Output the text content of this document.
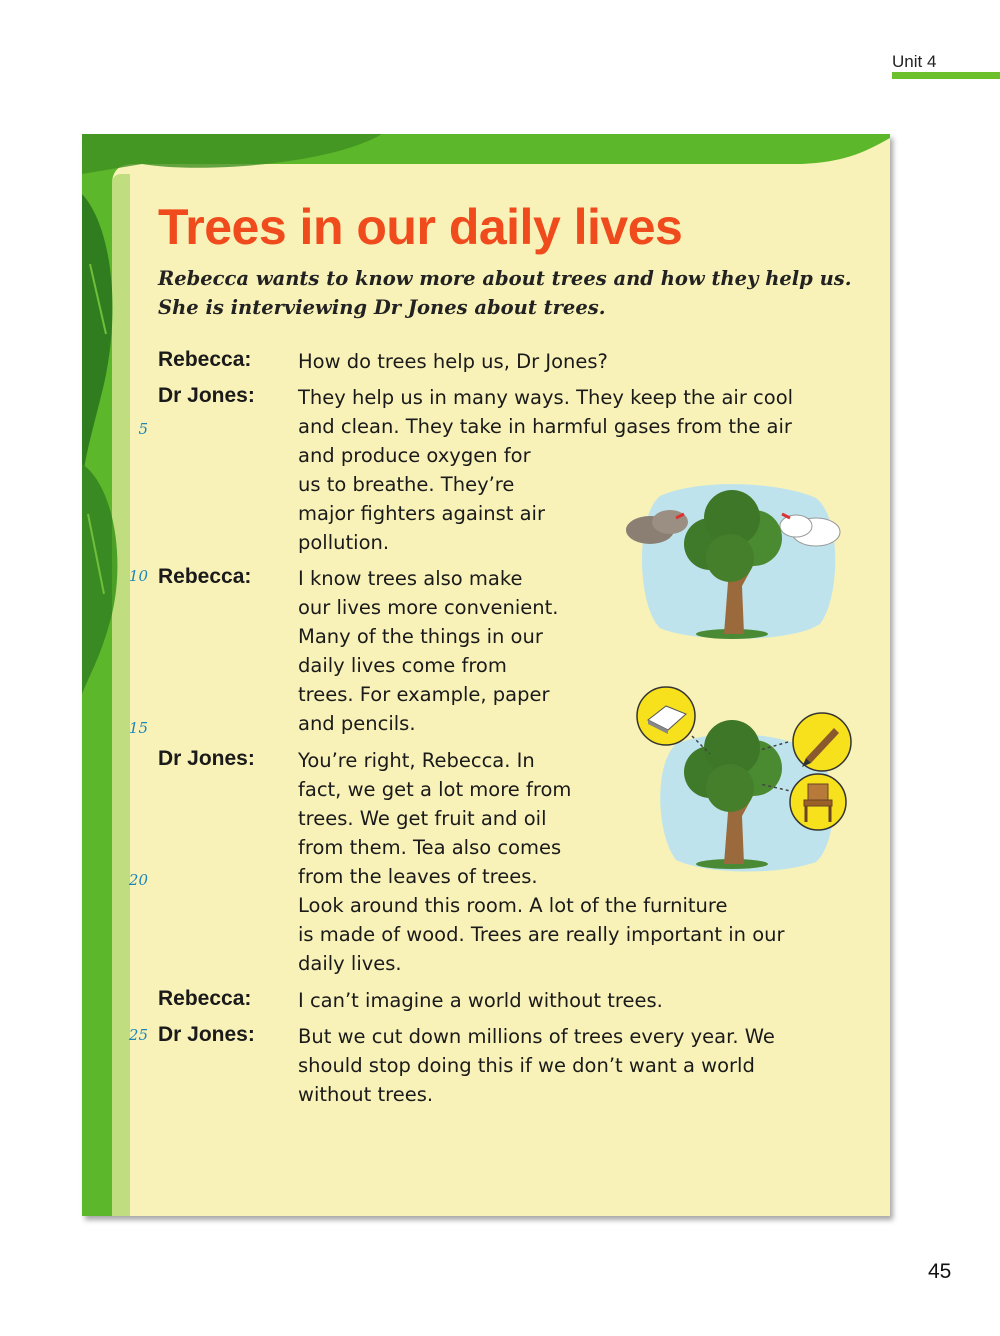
Unit 4
Trees in our daily lives
Rebecca wants to know more about trees and how they help us.
She is interviewing Dr Jones about trees.
5
10
15
20
25
Rebecca:
Dr Jones:
Rebecca:
Dr Jones:
Rebecca:
Dr Jones:
How do trees help us, Dr Jones?
They help us in many ways. They keep the air cool
and clean. They take in harmful gases from the air
and produce oxygen for
us to breathe. They’re
major fighters against air
pollution.
I know trees also make
our lives more convenient.
Many of the things in our
daily lives come from
trees. For example, paper
and pencils.
You’re right, Rebecca. In
fact, we get a lot more from
trees. We get fruit and oil
from them. Tea also comes
from the leaves of trees.
Look around this room. A lot of the furniture
is made of wood. Trees are really important in our
daily lives.
I can’t imagine a world without trees.
But we cut down millions of trees every year. We
should stop doing this if we don’t want a world
without trees.
45
